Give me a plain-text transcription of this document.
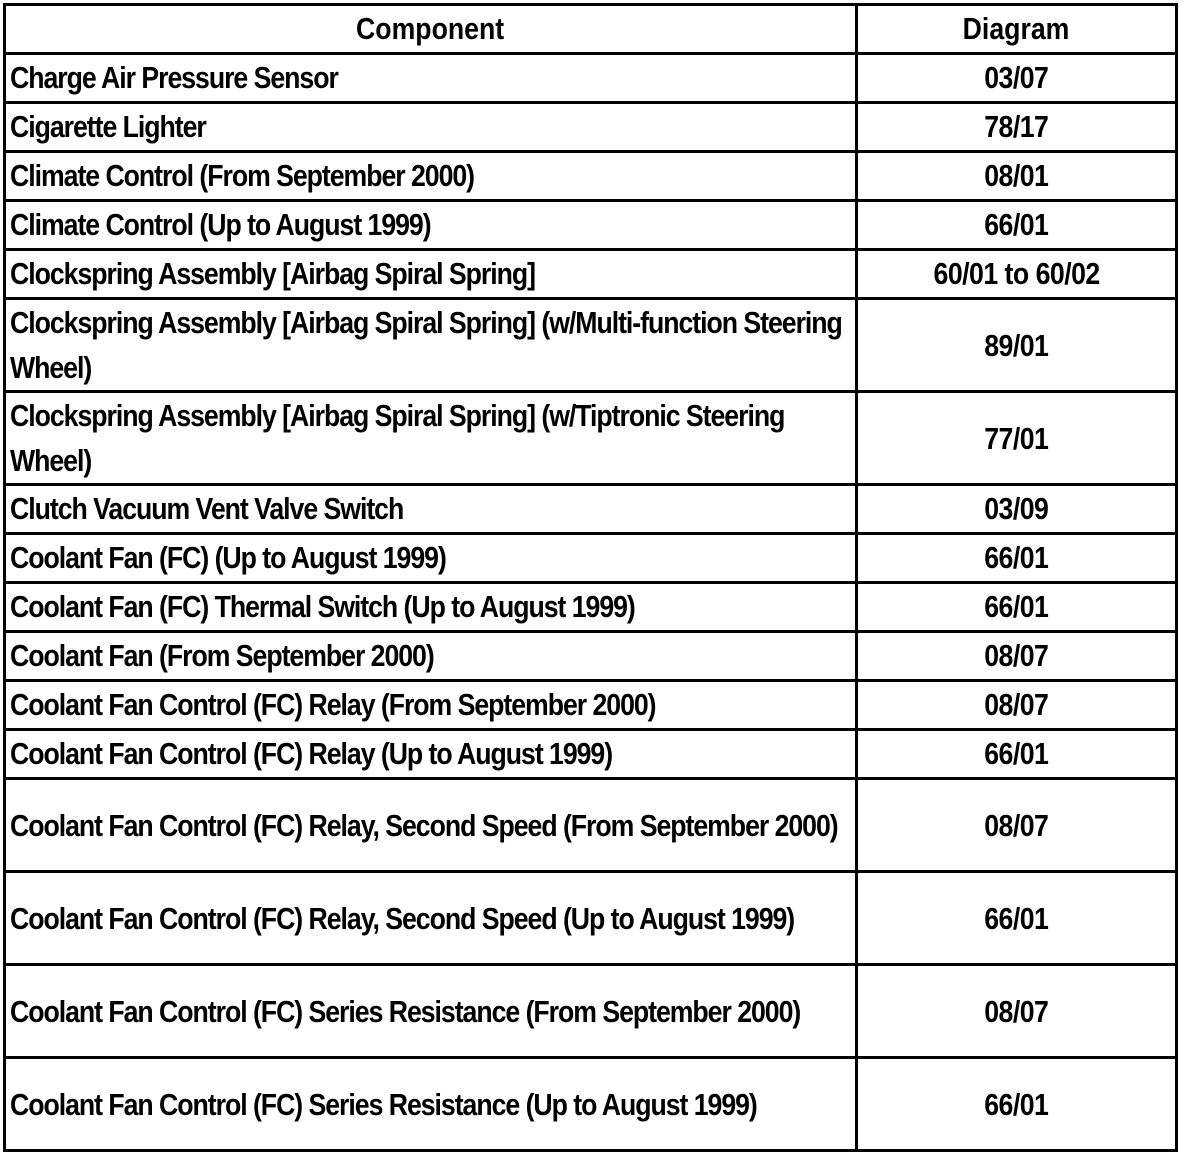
Component	Diagram
Charge Air Pressure Sensor	03/07
Cigarette Lighter	78/17
Climate Control (From September 2000)	08/01
Climate Control (Up to August 1999)	66/01
Clockspring Assembly [Airbag Spiral Spring]	60/01 to 60/02
Clockspring Assembly [Airbag Spiral Spring] (w/Multi-function Steering Wheel)	89/01
Clockspring Assembly [Airbag Spiral Spring] (w/Tiptronic Steering Wheel)	77/01
Clutch Vacuum Vent Valve Switch	03/09
Coolant Fan (FC) (Up to August 1999)	66/01
Coolant Fan (FC) Thermal Switch (Up to August 1999)	66/01
Coolant Fan (From September 2000)	08/07
Coolant Fan Control (FC) Relay (From September 2000)	08/07
Coolant Fan Control (FC) Relay (Up to August 1999)	66/01
Coolant Fan Control (FC) Relay, Second Speed (From September 2000)	08/07
Coolant Fan Control (FC) Relay, Second Speed (Up to August 1999)	66/01
Coolant Fan Control (FC) Series Resistance (From September 2000)	08/07
Coolant Fan Control (FC) Series Resistance (Up to August 1999)	66/01
